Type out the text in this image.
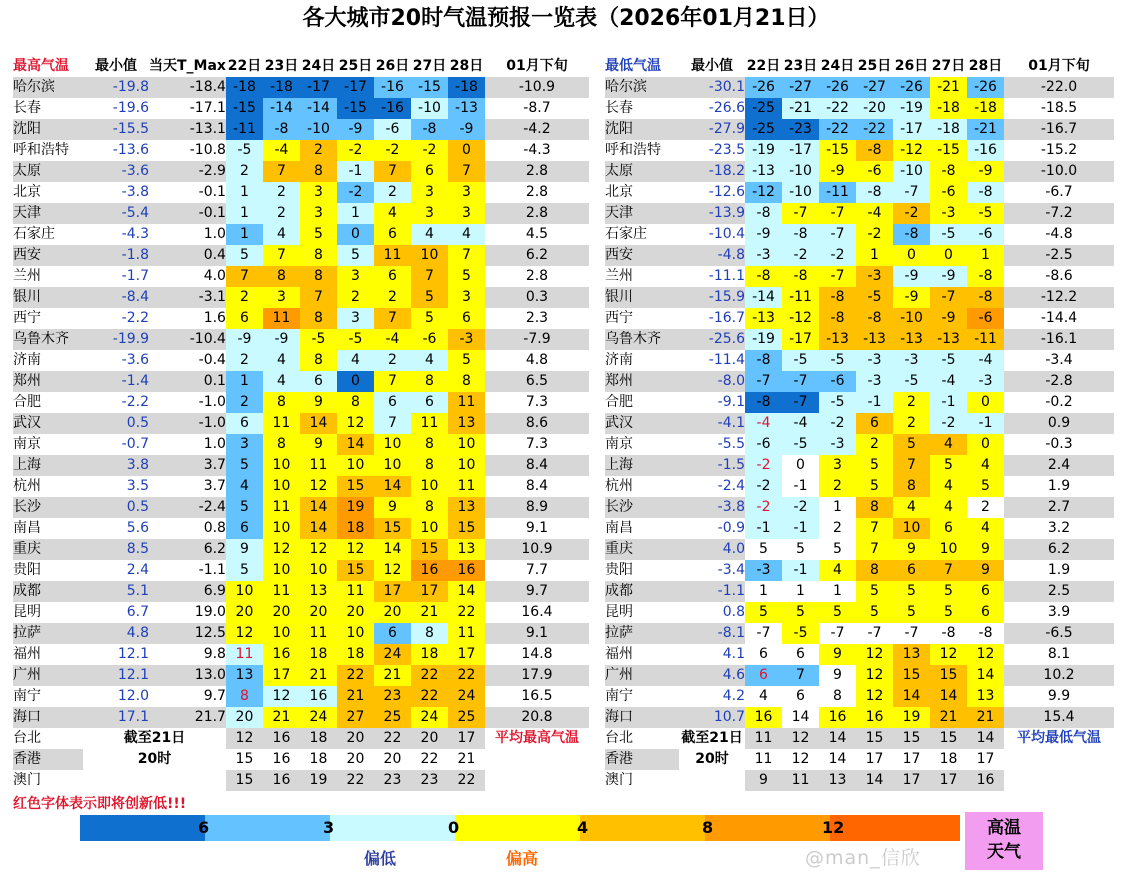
各大城市20时气温预报一览表（2026年01月21日）
最高气温	最小值	当天T_Max	22日	23日	24日	25日	26日	27日	28日	01月下旬
哈尔滨	-19.8	-18.4	-18	-18	-17	-17	-16	-15	-18	-10.9
长春	-19.6	-17.1	-15	-14	-14	-15	-16	-10	-13	-8.7
沈阳	-15.5	-13.1	-11	-8	-10	-9	-6	-8	-9	-4.2
呼和浩特	-13.6	-10.8	-5	-4	2	-2	-2	-2	0	-4.3
太原	-3.6	-2.9	2	7	8	-1	7	6	7	2.8
北京	-3.8	-0.1	1	2	3	-2	2	3	3	2.8
天津	-5.4	-0.1	1	2	3	1	4	3	3	2.8
石家庄	-4.3	1.0	1	4	5	0	6	4	4	4.5
西安	-1.8	0.4	5	7	8	5	11	10	7	6.2
兰州	-1.7	4.0	7	8	8	3	6	7	5	2.8
银川	-8.4	-3.1	2	3	7	2	2	5	3	0.3
西宁	-2.2	1.6	6	11	8	3	7	5	6	2.3
乌鲁木齐	-19.9	-10.4	-9	-9	-5	-5	-4	-6	-3	-7.9
济南	-3.6	-0.4	2	4	8	4	2	4	5	4.8
郑州	-1.4	0.1	1	4	6	0	7	8	8	6.5
合肥	-2.2	-1.0	2	8	9	8	6	6	11	7.3
武汉	0.5	-1.0	6	11	14	12	7	11	13	8.6
南京	-0.7	1.0	3	8	9	14	10	8	10	7.3
上海	3.8	3.7	5	10	11	10	10	8	10	8.4
杭州	3.5	3.7	4	10	12	15	14	10	11	8.4
长沙	0.5	-2.4	5	11	14	19	9	8	13	8.9
南昌	5.6	0.8	6	10	14	18	15	10	15	9.1
重庆	8.5	6.2	9	12	12	12	14	15	13	10.9
贵阳	2.4	-1.1	5	10	10	15	12	16	16	7.7
成都	5.1	6.9	10	11	13	11	17	17	14	9.7
昆明	6.7	19.0	20	20	20	20	20	21	22	16.4
拉萨	4.8	12.5	12	10	11	10	6	8	11	9.1
福州	12.1	9.8	11	16	18	18	24	18	17	14.8
广州	12.1	13.0	13	17	21	22	21	22	22	17.9
南宁	12.0	9.7	8	12	16	21	23	22	24	16.5
海口	17.1	21.7	20	21	24	27	25	24	25	20.8
台北	截至21日		12	16	18	20	22	20	17	平均最高气温
香港	20时		15	16	18	20	20	22	21	
澳门			15	16	19	22	23	23	22	
最低气温	最小值	22日	23日	24日	25日	26日	27日	28日	01月下旬
哈尔滨	-30.1	-26	-27	-26	-27	-26	-21	-26	-22.0
长春	-26.6	-25	-21	-22	-20	-19	-18	-18	-18.5
沈阳	-27.9	-25	-23	-22	-22	-17	-18	-21	-16.7
呼和浩特	-23.5	-19	-17	-15	-8	-12	-15	-16	-15.2
太原	-18.2	-13	-10	-9	-6	-10	-8	-9	-10.0
北京	-12.6	-12	-10	-11	-8	-7	-6	-8	-6.7
天津	-13.9	-8	-7	-7	-4	-2	-3	-5	-7.2
石家庄	-10.4	-9	-8	-7	-2	-8	-5	-6	-4.8
西安	-4.8	-3	-2	-2	1	0	0	1	-2.5
兰州	-11.1	-8	-8	-7	-3	-9	-9	-8	-8.6
银川	-15.9	-14	-11	-8	-5	-9	-7	-8	-12.2
西宁	-16.7	-13	-12	-8	-8	-10	-9	-6	-14.4
乌鲁木齐	-25.6	-19	-17	-13	-13	-13	-13	-11	-16.1
济南	-11.4	-8	-5	-5	-3	-3	-5	-4	-3.4
郑州	-8.0	-7	-7	-6	-3	-5	-4	-3	-2.8
合肥	-9.1	-8	-7	-5	-1	2	-1	0	-0.2
武汉	-4.1	-4	-4	-2	6	2	-2	-1	0.9
南京	-5.5	-6	-5	-3	2	5	4	0	-0.3
上海	-1.5	-2	0	3	5	7	5	4	2.4
杭州	-2.4	-2	-1	2	5	8	4	5	1.9
长沙	-3.8	-2	-2	1	8	4	4	2	2.7
南昌	-0.9	-1	-1	2	7	10	6	4	3.2
重庆	4.0	5	5	5	7	9	10	9	6.2
贵阳	-3.4	-3	-1	4	8	6	7	9	1.9
成都	-1.1	1	1	1	5	5	5	6	2.5
昆明	0.8	5	5	5	5	5	5	6	3.9
拉萨	-8.1	-7	-5	-7	-7	-7	-8	-8	-6.5
福州	4.1	6	6	9	12	13	12	12	8.1
广州	4.6	6	7	9	12	15	15	14	10.2
南宁	4.2	4	6	8	12	14	14	13	9.9
海口	10.7	16	14	16	16	19	21	21	15.4
台北	截至21日	11	12	14	15	15	15	14	平均最低气温
香港	20时	11	12	14	17	17	18	17	
澳门		9	11	13	14	17	17	16	
红色字体表示即将创新低!!!
6	3	0	4	8	12
偏低	偏高
高温
天气
@man_信欣
